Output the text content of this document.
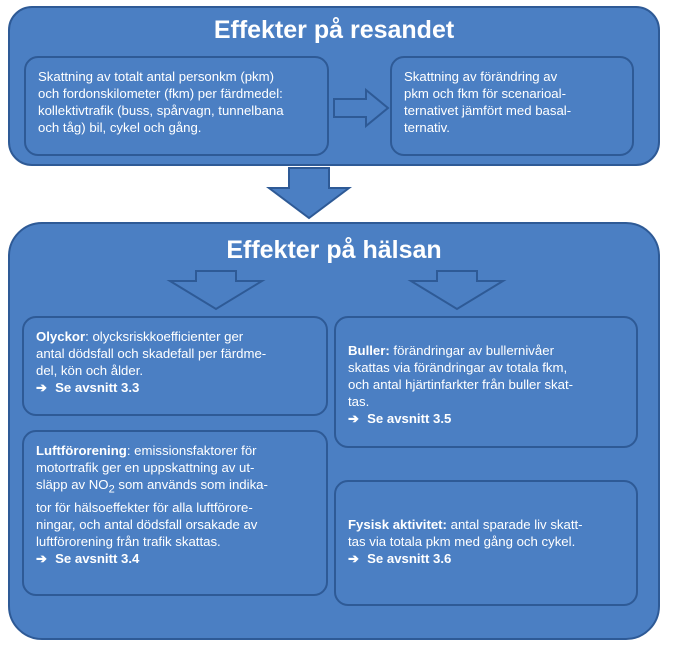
Effekter på resandet
Skattning av totalt antal personkm (pkm)
och fordonskilometer (fkm) per färdmedel:
kollektivtrafik (buss, spårvagn, tunnelbana
och tåg) bil, cykel och gång.
Skattning av förändring av
pkm och fkm för scenarioal-
ternativet jämfört med basal-
ternativ.
Effekter på hälsan
Olyckor: olycksriskkoefficienter ger
antal dödsfall och skadefall per färdme-
del, kön och ålder.
➔ Se avsnitt 3.3
Luftförorening: emissionsfaktorer för
motortrafik ger en uppskattning av ut-
släpp av $NO_2$ som används som indika-
tor för hälsoeffekter för alla luftförore-
ningar, och antal dödsfall orsakade av
luftförorening från trafik skattas.
➔ Se avsnitt 3.4
Buller: förändringar av bullernivåer
skattas via förändringar av totala fkm,
och antal hjärtinfarkter från buller skat-
tas.
➔ Se avsnitt 3.5
Fysisk aktivitet: antal sparade liv skatt-
tas via totala pkm med gång och cykel.
➔ Se avsnitt 3.6
